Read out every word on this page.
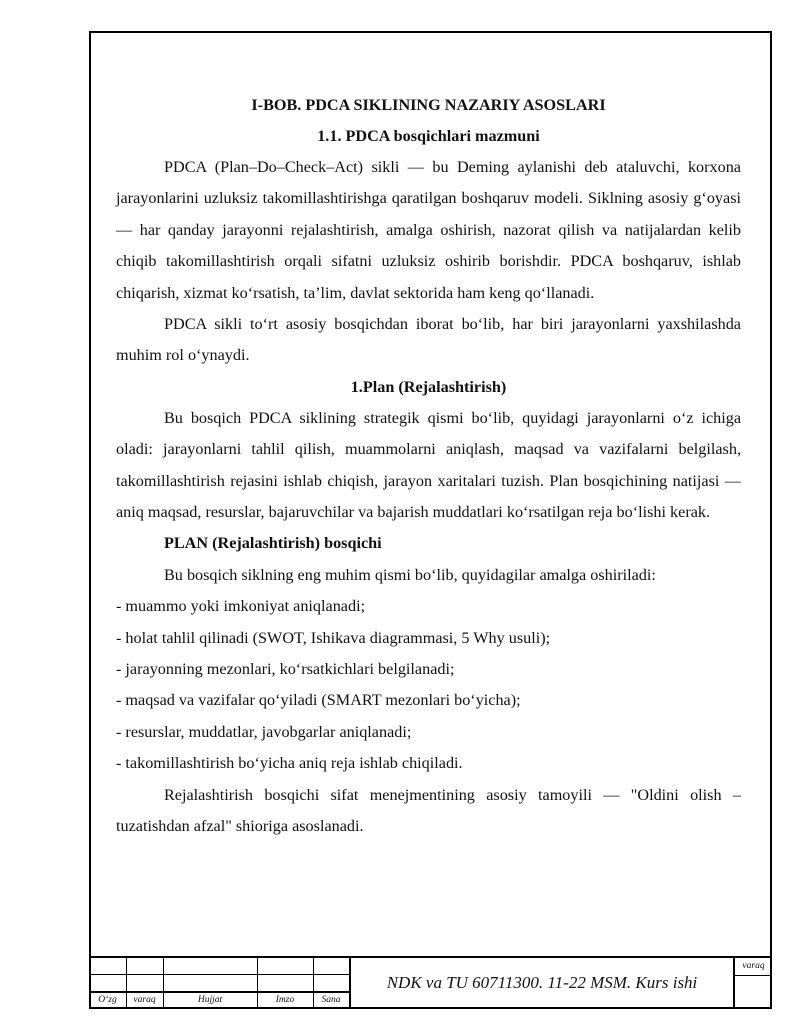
I-BOB. PDCA SIKLINING NAZARIY ASOSLARI
1.1. PDCA bosqichlari mazmuni

PDCA (Plan–Do–Check–Act) sikli — bu Deming aylanishi deb ataluvchi, korxona jarayonlarini uzluksiz takomillashtirishga qaratilgan boshqaruv modeli. Siklning asosiy g‘oyasi — har qanday jarayonni rejalashtirish, amalga oshirish, nazorat qilish va natijalardan kelib chiqib takomillashtirish orqali sifatni uzluksiz oshirib borishdir. PDCA boshqaruv, ishlab chiqarish, xizmat ko‘rsatish, ta’lim, davlat sektorida ham keng qo‘llanadi.

PDCA sikli to‘rt asosiy bosqichdan iborat bo‘lib, har biri jarayonlarni yaxshilashda muhim rol o‘ynaydi.

1.Plan (Rejalashtirish)

Bu bosqich PDCA siklining strategik qismi bo‘lib, quyidagi jarayonlarni o‘z ichiga oladi: jarayonlarni tahlil qilish, muammolarni aniqlash, maqsad va vazifalarni belgilash, takomillashtirish rejasini ishlab chiqish, jarayon xaritalari tuzish. Plan bosqichining natijasi — aniq maqsad, resurslar, bajaruvchilar va bajarish muddatlari ko‘rsatilgan reja bo‘lishi kerak.

PLAN (Rejalashtirish) bosqichi
Bu bosqich siklning eng muhim qismi bo‘lib, quyidagilar amalga oshiriladi:
- muammo yoki imkoniyat aniqlanadi;
- holat tahlil qilinadi (SWOT, Ishikava diagrammasi, 5 Why usuli);
- jarayonning mezonlari, ko‘rsatkichlari belgilanadi;
- maqsad va vazifalar qo‘yiladi (SMART mezonlari bo‘yicha);
- resurslar, muddatlar, javobgarlar aniqlanadi;
- takomillashtirish bo‘yicha aniq reja ishlab chiqiladi.

Rejalashtirish bosqichi sifat menejmentining asosiy tamoyili — "Oldini olish – tuzatishdan afzal" shioriga asoslanadi.

O‘zg	varaq	Hujjat	Imzo	Sana
NDK va TU 60711300. 11-22 MSM. Kurs ishi
varaq
